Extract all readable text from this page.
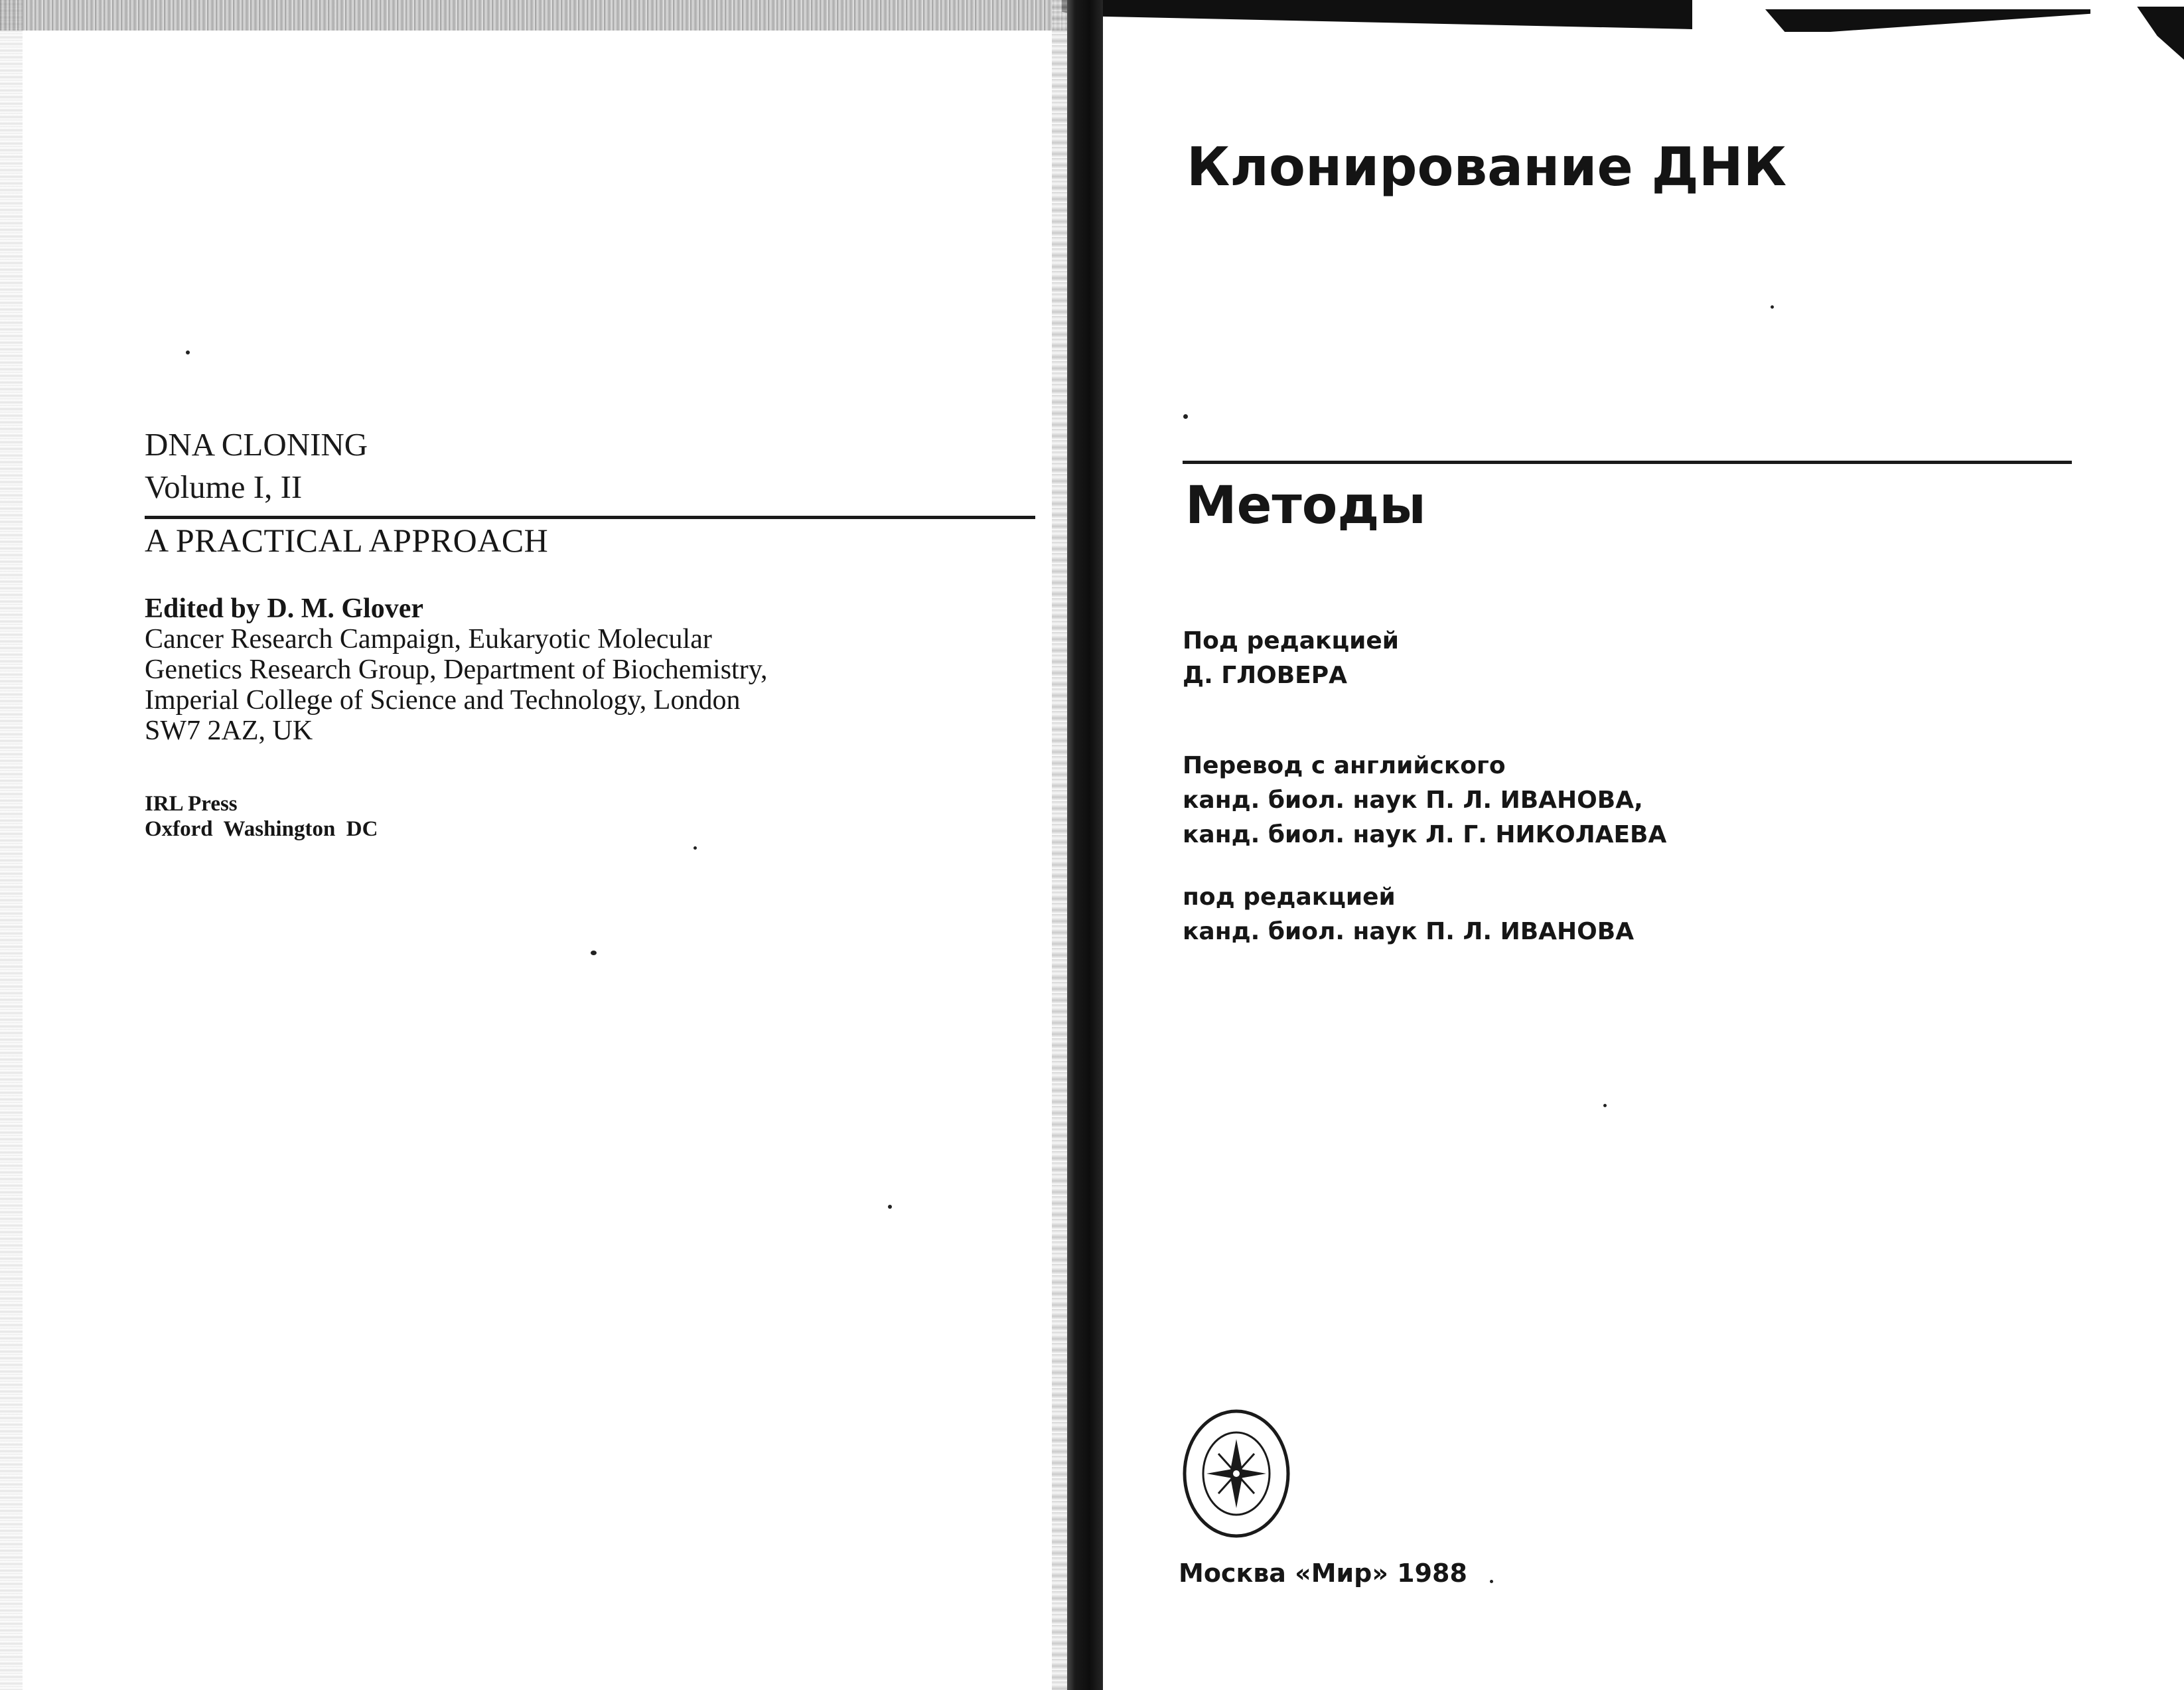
DNA CLONING
Volume I, II
A PRACTICAL APPROACH
Edited by D. M. Glover
Cancer Research Campaign, Eukaryotic Molecular
Genetics Research Group, Department of Biochemistry,
Imperial College of Science and Technology, London
SW7 2AZ, UK
IRL Press
Oxford  Washington  DC
Клонирование ДНК
Методы
Под редакцией
Д. ГЛОВЕРА
Перевод с английского
канд. биол. наук П. Л. ИВАНОВА,
канд. биол. наук Л. Г. НИКОЛАЕВА
под редакцией
канд. биол. наук П. Л. ИВАНОВА
Москва «Мир» 1988
